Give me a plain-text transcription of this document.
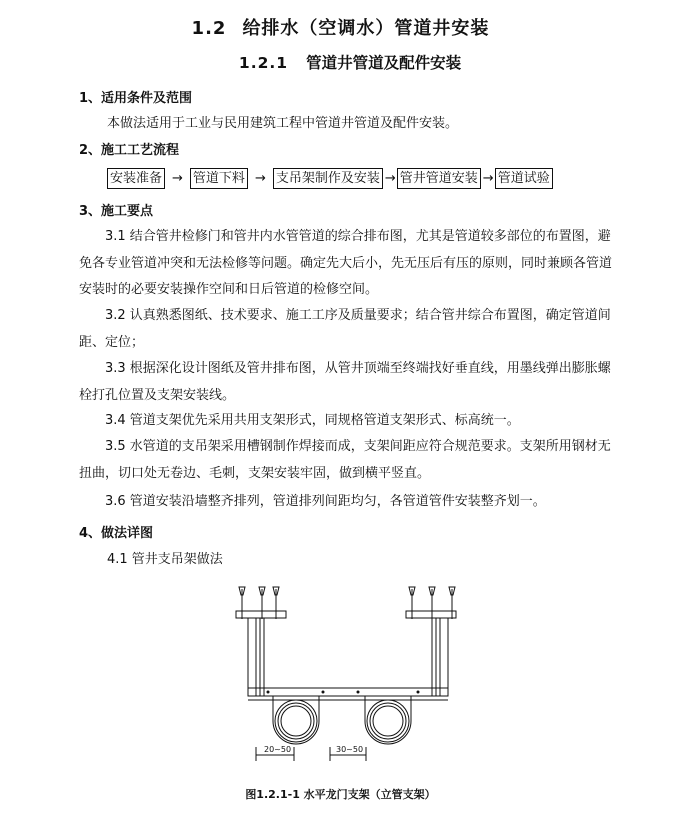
1.2 给排水（空调水）管道井安装
1.2.1 管道井管道及配件安装
1、适用条件及范围
本做法适用于工业与民用建筑工程中管道井管道及配件安装。
2、施工工艺流程
安装准备 → 管道下料 → 支吊架制作及安装 → 管井管道安装 → 管道试验
3、施工要点
3.1 结合管井检修门和管井内水管管道的综合排布图，尤其是管道较多部位的布置图，避免各专业管道冲突和无法检修等问题。确定先大后小，先无压后有压的原则，同时兼顾各管道安装时的必要安装操作空间和日后管道的检修空间。
3.2 认真熟悉图纸、技术要求、施工工序及质量要求；结合管井综合布置图，确定管道间距、定位；
3.3 根据深化设计图纸及管井排布图，从管井顶端至终端找好垂直线，用墨线弹出膨胀螺栓打孔位置及支架安装线。
3.4 管道支架优先采用共用支架形式，同规格管道支架形式、标高统一。
3.5 水管道的支吊架采用槽钢制作焊接而成，支架间距应符合规范要求。支架所用钢材无扭曲，切口处无卷边、毛刺，支架安装牢固，做到横平竖直。
3.6 管道安装沿墙整齐排列，管道排列间距均匀，各管道管件安装整齐划一。
4、做法详图
4.1 管井支吊架做法
20~50	30~50
图1.2.1-1 水平龙门支架（立管支架）
